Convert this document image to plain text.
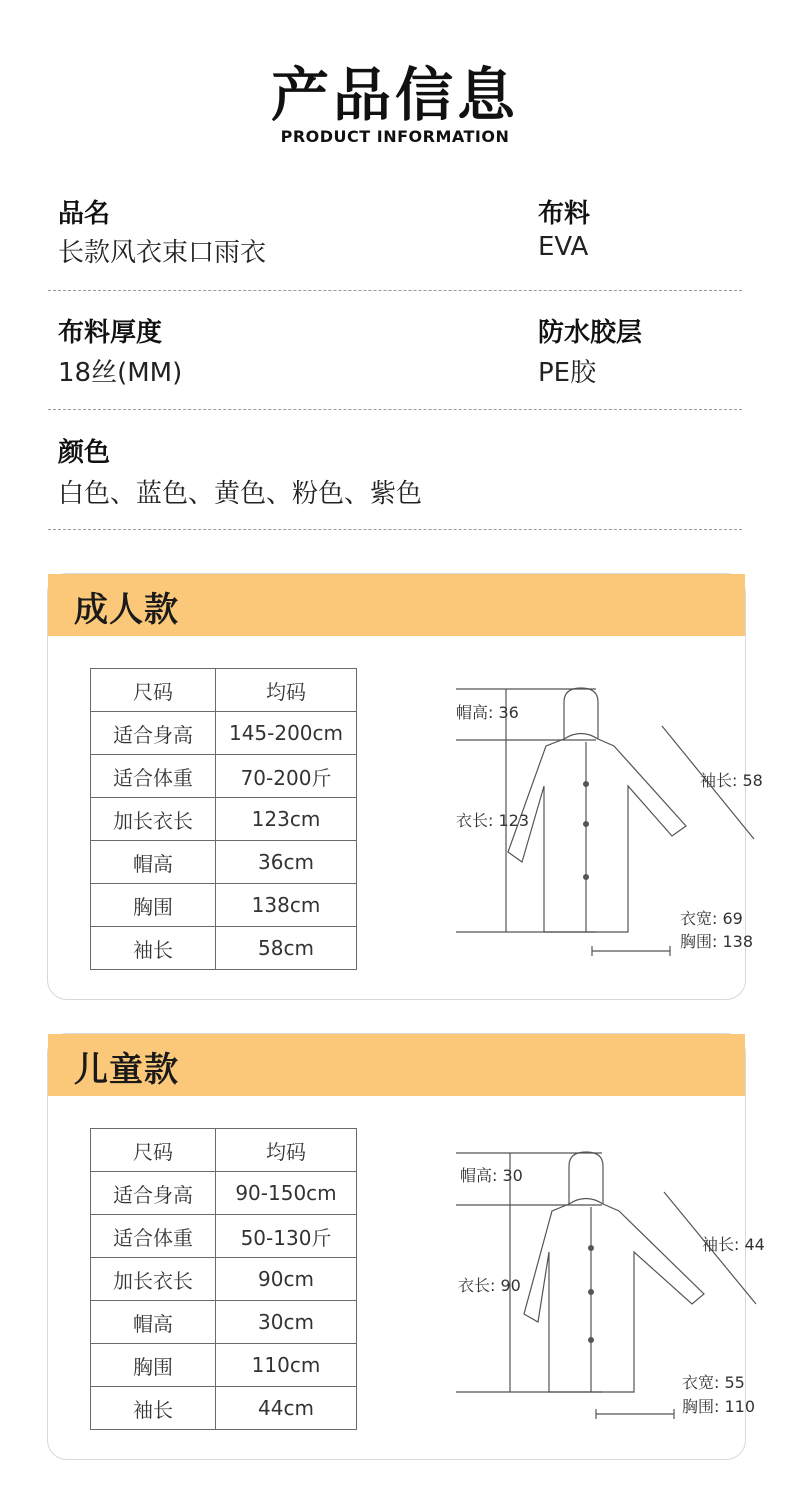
产品信息
PRODUCT INFORMATION
品名
长款风衣束口雨衣
布料
EVA
布料厚度
18丝(MM)
防水胶层
PE胶
颜色
白色、蓝色、黄色、粉色、紫色
成人款
尺码	均码
适合身高	145-200cm
适合体重	70-200斤
加长衣长	123cm
帽高	36cm
胸围	138cm
袖长	58cm
帽高: 36
衣长: 123
袖长: 58
衣宽: 69
胸围: 138
儿童款
尺码	均码
适合身高	90-150cm
适合体重	50-130斤
加长衣长	90cm
帽高	30cm
胸围	110cm
袖长	44cm
帽高: 30
衣长: 90
袖长: 44
衣宽: 55
胸围: 110
